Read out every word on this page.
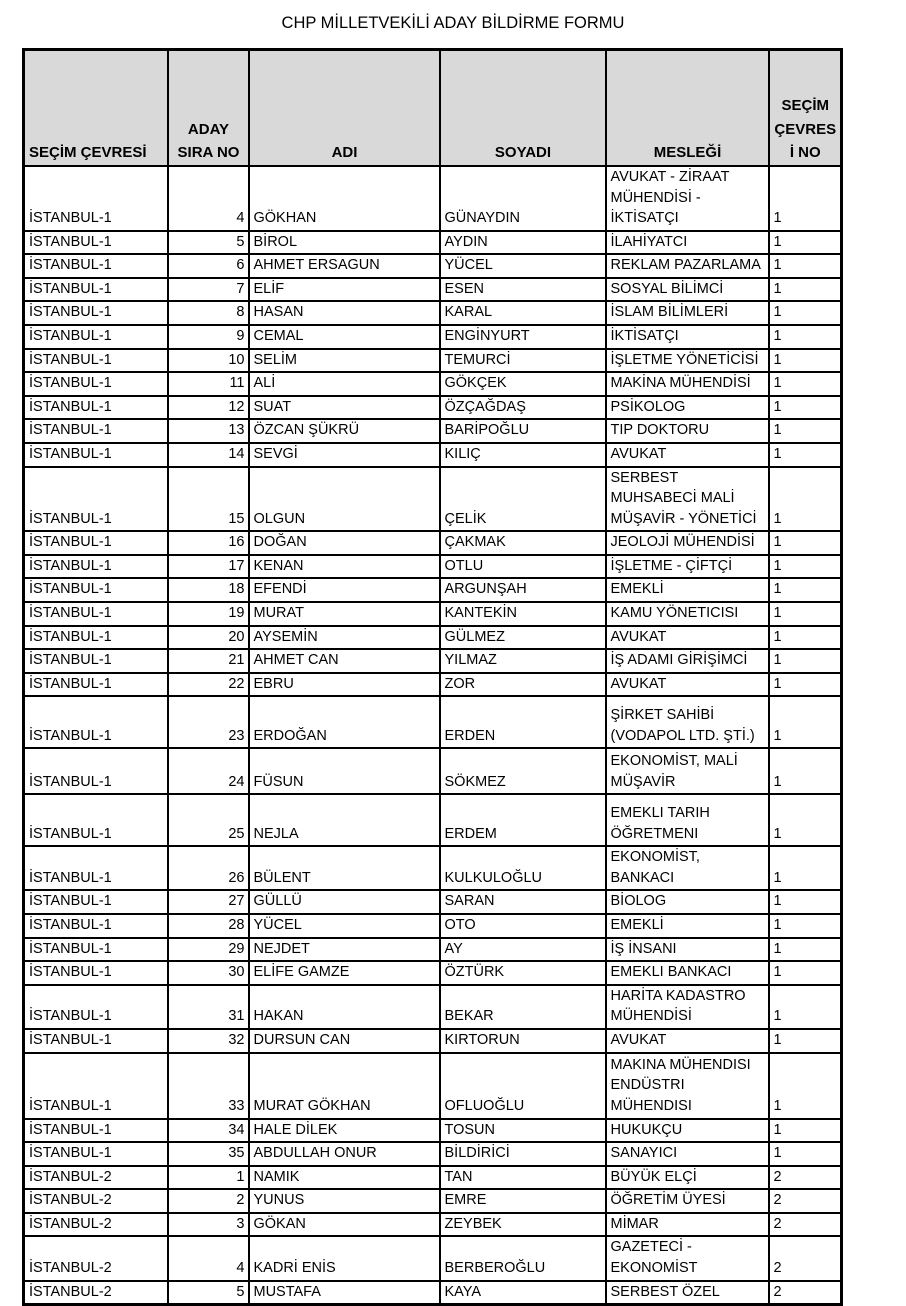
CHP MİLLETVEKİLİ ADAY BİLDİRME FORMU
SEÇİM ÇEVRESİ	ADAY SIRA NO	ADI	SOYADI	MESLEĞİ	SEÇİM ÇEVRESİ NO
İSTANBUL-1	4	GÖKHAN	GÜNAYDIN	AVUKAT - ZİRAAT MÜHENDİSİ - İKTİSATÇI	1
İSTANBUL-1	5	BİROL	AYDIN	İLAHİYATCI	1
İSTANBUL-1	6	AHMET ERSAGUN	YÜCEL	REKLAM PAZARLAMA	1
İSTANBUL-1	7	ELİF	ESEN	SOSYAL BİLİMCİ	1
İSTANBUL-1	8	HASAN	KARAL	İSLAM BİLİMLERİ	1
İSTANBUL-1	9	CEMAL	ENGİNYURT	İKTİSATÇI	1
İSTANBUL-1	10	SELİM	TEMURCİ	İŞLETME YÖNETİCİSİ	1
İSTANBUL-1	11	ALİ	GÖKÇEK	MAKİNA MÜHENDİSİ	1
İSTANBUL-1	12	SUAT	ÖZÇAĞDAŞ	PSİKOLOG	1
İSTANBUL-1	13	ÖZCAN ŞÜKRÜ	BARİPOĞLU	TIP DOKTORU	1
İSTANBUL-1	14	SEVGİ	KILIÇ	AVUKAT	1
İSTANBUL-1	15	OLGUN	ÇELİK	SERBEST MUHSABECİ MALİ MÜŞAVİR - YÖNETİCİ	1
İSTANBUL-1	16	DOĞAN	ÇAKMAK	JEOLOJİ MÜHENDİSİ	1
İSTANBUL-1	17	KENAN	OTLU	İŞLETME - ÇİFTÇİ	1
İSTANBUL-1	18	EFENDİ	ARGUNŞAH	EMEKLİ	1
İSTANBUL-1	19	MURAT	KANTEKİN	KAMU YÖNETICISI	1
İSTANBUL-1	20	AYSEMİN	GÜLMEZ	AVUKAT	1
İSTANBUL-1	21	AHMET CAN	YILMAZ	İŞ ADAMI GİRİŞİMCİ	1
İSTANBUL-1	22	EBRU	ZOR	AVUKAT	1
İSTANBUL-1	23	ERDOĞAN	ERDEN	ŞİRKET SAHİBİ (VODAPOL LTD. ŞTİ.)	1
İSTANBUL-1	24	FÜSUN	SÖKMEZ	EKONOMİST, MALİ MÜŞAVİR	1
İSTANBUL-1	25	NEJLA	ERDEM	EMEKLI TARIH ÖĞRETMENI	1
İSTANBUL-1	26	BÜLENT	KULKULOĞLU	EKONOMİST, BANKACI	1
İSTANBUL-1	27	GÜLLÜ	SARAN	BİOLOG	1
İSTANBUL-1	28	YÜCEL	OTO	EMEKLİ	1
İSTANBUL-1	29	NEJDET	AY	İŞ İNSANI	1
İSTANBUL-1	30	ELİFE GAMZE	ÖZTÜRK	EMEKLI BANKACI	1
İSTANBUL-1	31	HAKAN	BEKAR	HARİTA KADASTRO MÜHENDİSİ	1
İSTANBUL-1	32	DURSUN CAN	KIRTORUN	AVUKAT	1
İSTANBUL-1	33	MURAT GÖKHAN	OFLUOĞLU	MAKINA MÜHENDISI ENDÜSTRI MÜHENDISI	1
İSTANBUL-1	34	HALE DİLEK	TOSUN	HUKUKÇU	1
İSTANBUL-1	35	ABDULLAH ONUR	BİLDİRİCİ	SANAYICI	1
İSTANBUL-2	1	NAMIK	TAN	BÜYÜK ELÇİ	2
İSTANBUL-2	2	YUNUS	EMRE	ÖĞRETİM ÜYESİ	2
İSTANBUL-2	3	GÖKAN	ZEYBEK	MİMAR	2
İSTANBUL-2	4	KADRİ ENİS	BERBEROĞLU	GAZETECİ - EKONOMİST	2
İSTANBUL-2	5	MUSTAFA	KAYA	SERBEST ÖZEL	2
